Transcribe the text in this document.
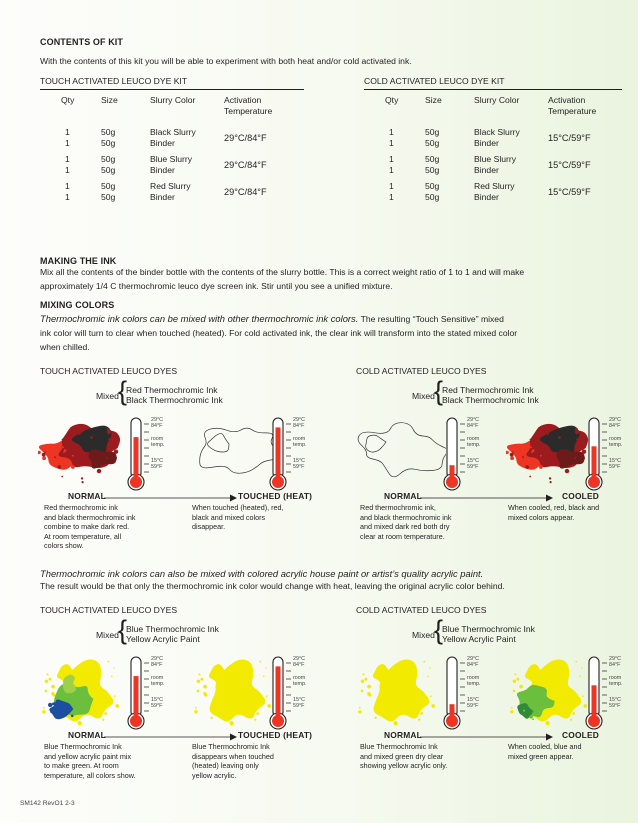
CONTENTS OF KIT
With the contents of this kit you will be able to experiment with both heat and/or cold activated ink.
TOUCH ACTIVATED LEUCO DYE KIT
Qty	Size	Slurry Color	Activation
			Temperature

1	50g	Black Slurry	29°C/84°F
1	50g	Binder	

1	50g	Blue Slurry	29°C/84°F
1	50g	Binder	

1	50g	Red Slurry	29°C/84°F
1	50g	Binder	

COLD ACTIVATED LEUCO DYE KIT
Qty	Size	Slurry Color	Activation
			Temperature

1	50g	Black Slurry	15°C/59°F
1	50g	Binder	

1	50g	Blue Slurry	15°C/59°F
1	50g	Binder	

1	50g	Red Slurry	15°C/59°F
1	50g	Binder	

MAKING THE INK
Mix all the contents of the binder bottle with the contents of the slurry bottle. This is a correct weight ratio of 1 to 1 and will make
approximately 1/4 C thermochromic leuco dye screen ink. Stir until you see a unified mixture.
MIXING COLORS
Thermochromic ink colors can be mixed with other thermochromic ink colors. The resulting “Touch Sensitive” mixed
ink color will turn to clear when touched (heated). For cold activated ink, the clear ink will transform into the stated mixed color
when chilled.
Thermochromic ink colors can also be mixed with colored acrylic house paint or artist’s quality acrylic paint.
The result would be that only the thermochromic ink color would change with heat, leaving the original acrylic color behind.
TOUCH ACTIVATED LEUCO DYES
Mixed {
Red Thermochromic Ink
Black Thermochromic Ink
29°C
84°F
room
temp.
15°C
59°F
29°C
84°F
room
temp.
15°C
59°F
NORMAL	TOUCHED (HEAT)
Red thermochromic ink
and black thermochromic ink
combine to make dark red.
At room temperature, all
colors show.
When touched (heated), red,
black and mixed colors
disappear.
COLD ACTIVATED LEUCO DYES
Mixed {
Red Thermochromic Ink
Black Thermochromic Ink
29°C
84°F
room
temp.
15°C
59°F
29°C
84°F
room
temp.
15°C
59°F
NORMAL	COOLED
Red thermochromic ink,
and black thermochromic ink
and mixed dark red both dry
clear at room temperature.
When cooled, red, black and
mixed colors appear.
TOUCH ACTIVATED LEUCO DYES
Mixed {
Blue Thermochromic Ink
Yellow Acrylic Paint
29°C
84°F
room
temp.
15°C
59°F
29°C
84°F
room
temp.
15°C
59°F
NORMAL	TOUCHED (HEAT)
Blue Thermochromic Ink
and yellow acrylic paint mix
to make green. At room
temperature, all colors show.
Blue Thermochromic Ink
disappears when touched
(heated) leaving only
yellow acrylic.
COLD ACTIVATED LEUCO DYES
Mixed {
Blue Thermochromic Ink
Yellow Acrylic Paint
29°C
84°F
room
temp.
15°C
59°F
29°C
84°F
room
temp.
15°C
59°F
NORMAL	COOLED
Blue Thermochromic Ink
and mixed green dry clear
showing yellow acrylic only.
When cooled, blue and
mixed green appear.
SM142 RevO1 2-3
